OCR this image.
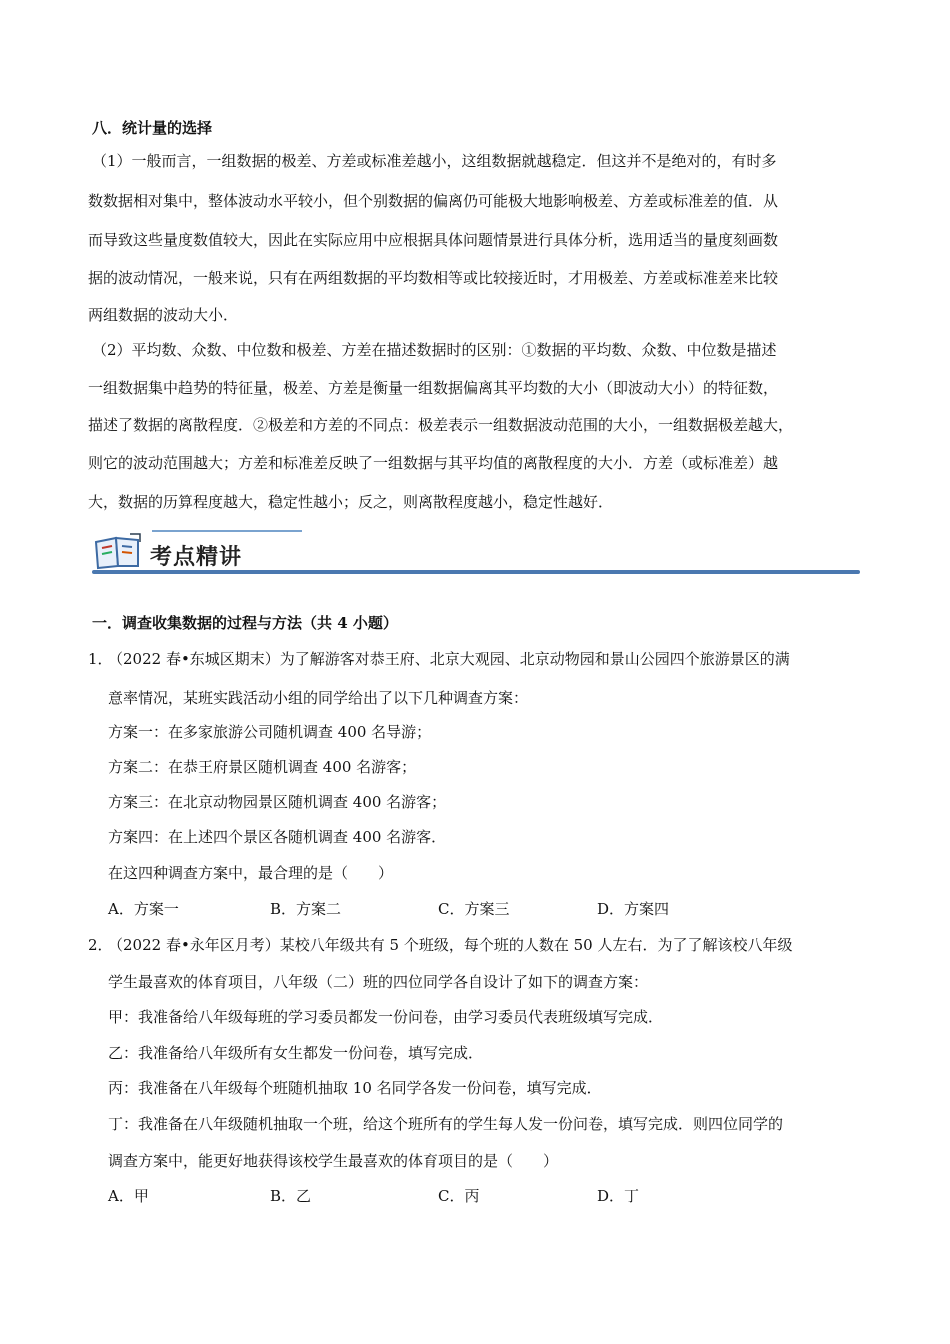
八．统计量的选择
（1）一般而言，一组数据的极差、方差或标准差越小，这组数据就越稳定．但这并不是绝对的，有时多
数数据相对集中，整体波动水平较小，但个别数据的偏离仍可能极大地影响极差、方差或标准差的值．从
而导致这些量度数值较大，因此在实际应用中应根据具体问题情景进行具体分析，选用适当的量度刻画数
据的波动情况，一般来说，只有在两组数据的平均数相等或比较接近时，才用极差、方差或标准差来比较
两组数据的波动大小．
（2）平均数、众数、中位数和极差、方差在描述数据时的区别：①数据的平均数、众数、中位数是描述
一组数据集中趋势的特征量，极差、方差是衡量一组数据偏离其平均数的大小（即波动大小）的特征数，
描述了数据的离散程度．②极差和方差的不同点：极差表示一组数据波动范围的大小，一组数据极差越大，
则它的波动范围越大；方差和标准差反映了一组数据与其平均值的离散程度的大小．方差（或标准差）越
大，数据的历算程度越大，稳定性越小；反之，则离散程度越小，稳定性越好．
考点精讲
一．调查收集数据的过程与方法（共 4 小题）
1．
（2022 春•东城区期末）为了解游客对恭王府、北京大观园、北京动物园和景山公园四个旅游景区的满
意率情况，某班实践活动小组的同学给出了以下几种调查方案：
方案一：在多家旅游公司随机调查 400 名导游；
方案二：在恭王府景区随机调查 400 名游客；
方案三：在北京动物园景区随机调查 400 名游客；
方案四：在上述四个景区各随机调查 400 名游客．
在这四种调查方案中，最合理的是（　　）
A．方案一	B．方案二	C．方案三	D．方案四
2．
（2022 春•永年区月考）某校八年级共有 5 个班级，每个班的人数在 50 人左右．为了了解该校八年级
学生最喜欢的体育项目，八年级（二）班的四位同学各自设计了如下的调查方案：
甲：我准备给八年级每班的学习委员都发一份问卷，由学习委员代表班级填写完成．
乙：我准备给八年级所有女生都发一份问卷，填写完成．
丙：我准备在八年级每个班随机抽取 10 名同学各发一份问卷，填写完成．
丁：我准备在八年级随机抽取一个班，给这个班所有的学生每人发一份问卷，填写完成．则四位同学的
调查方案中，能更好地获得该校学生最喜欢的体育项目的是（　　）
A．甲	B．乙	C．丙	D．丁
